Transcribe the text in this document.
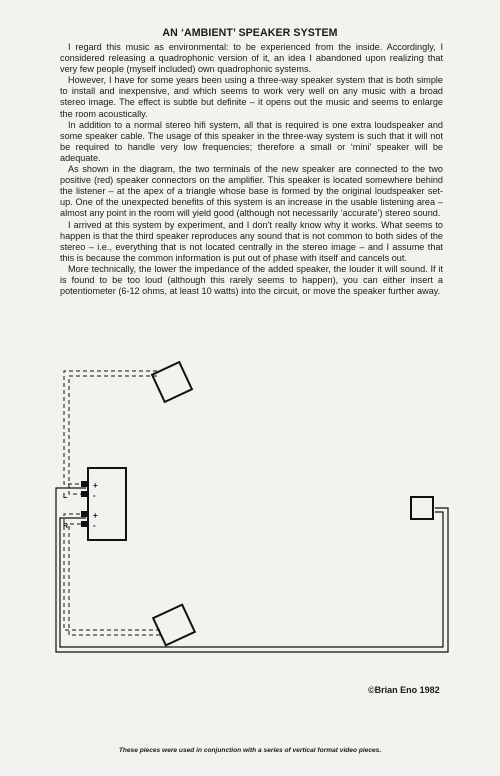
AN ‘AMBIENT’ SPEAKER SYSTEM

I regard this music as environmental: to be experienced from the inside. Accordingly, I considered releasing a quadrophonic version of it, an idea I abandoned upon realizing that very few people (myself included) own quadrophonic systems.

However, I have for some years been using a three-way speaker system that is both simple to install and inexpensive, and which seems to work very well on any music with a broad stereo image. The effect is subtle but definite – it opens out the music and seems to enlarge the room acoustically.

In addition to a normal stereo hifi system, all that is required is one extra loudspeaker and some speaker cable. The usage of this speaker in the three-way system is such that it will not be required to handle very low frequencies; therefore a small or ‘mini’ speaker will be adequate.

As shown in the diagram, the two terminals of the new speaker are connected to the two positive (red) speaker connectors on the amplifier. This speaker is located somewhere behind the listener – at the apex of a triangle whose base is formed by the original loudspeaker set-up. One of the unexpected benefits of this system is an increase in the usable listening area – almost any point in the room will yield good (although not necessarily ‘accurate’) stereo sound.

I arrived at this system by experiment, and I don't really know why it works. What seems to happen is that the third speaker reproduces any sound that is not common to both sides of the stereo – i.e., everything that is not located centrally in the stereo image – and I assume that this is because the common information is put out of phase with itself and cancels out.

More technically, the lower the impedance of the added speaker, the louder it will sound. If it is found to be too loud (although this rarely seems to happen), you can either insert a potentiometer (6-12 ohms, at least 10 watts) into the circuit, or move the speaker further away.

+
-
+
-
L
R
©Brian Eno 1982
These pieces were used in conjunction with a series of vertical format video pieces.
